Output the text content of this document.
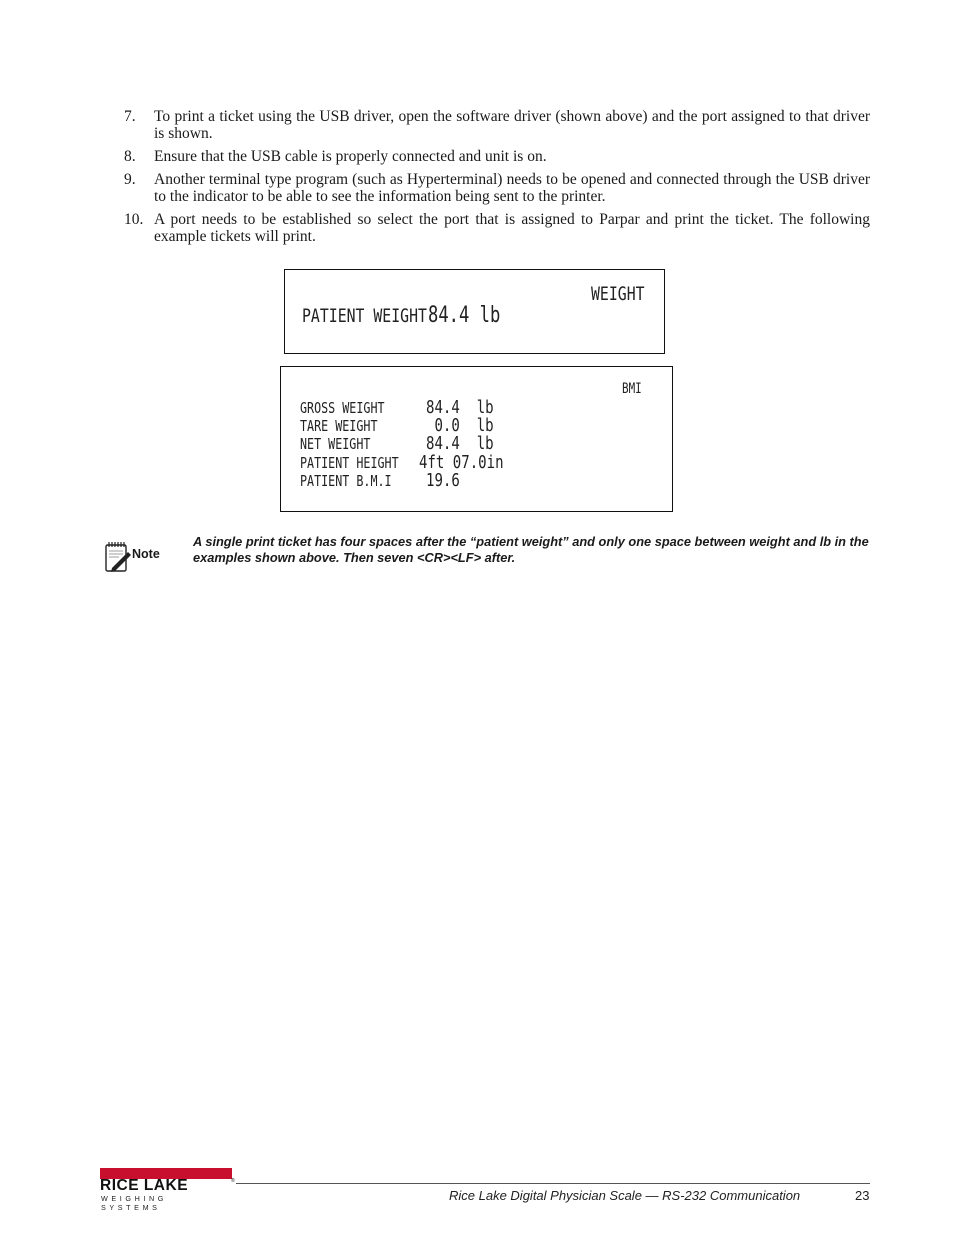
7.	To print a ticket using the USB driver, open the software driver (shown above) and the port assigned to that driver is shown.
8.	Ensure that the USB cable is properly connected and unit is on.
9.	Another terminal type program (such as Hyperterminal) needs to be opened and connected through the USB driver to the indicator to be able to see the information being sent to the printer.
10. A port needs to be established so select the port that is assigned to Parpar and print the ticket. The following example tickets will print.
WEIGHT
PATIENT WEIGHT 84.4 lb
BMI
GROSS WEIGHT 84.4  lb
TARE WEIGHT	0.0  lb
NET WEIGHT	84.4  lb
PATIENT HEIGHT 4ft 07.0in
PATIENT B.M.I 19.6
Note
A single print ticket has four spaces after the “patient weight” and only one space between weight and lb in the examples shown above. Then seven <CR><LF> after.
RICE LAKE	®
WEIGHING SYSTEMS
Rice Lake Digital Physician Scale — RS-232 Communication	23
